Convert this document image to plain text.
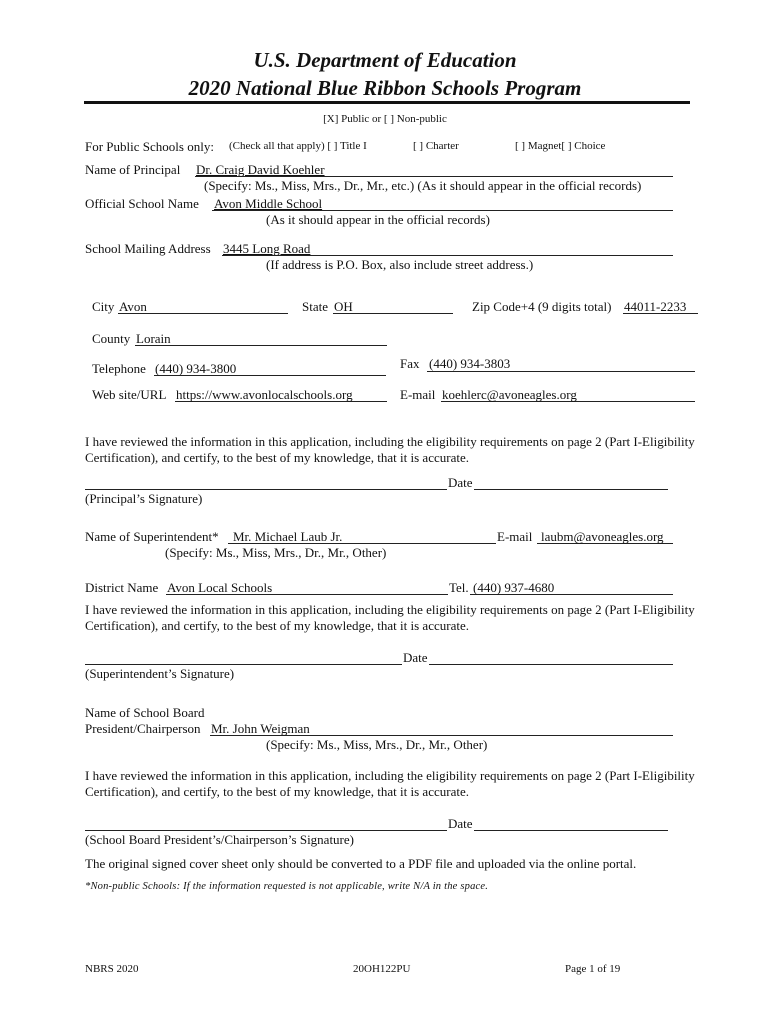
U.S. Department of Education
2020 National Blue Ribbon Schools Program
[X] Public or [ ] Non-public
For Public Schools only: (Check all that apply) [ ] Title I	[ ] Charter	[ ] Magnet[ ] Choice
Name of Principal Dr. Craig David Koehler
(Specify: Ms., Miss, Mrs., Dr., Mr., etc.) (As it should appear in the official records)
Official School Name Avon Middle School
(As it should appear in the official records)
School Mailing Address 3445 Long Road
(If address is P.O. Box, also include street address.)
City Avon	State OH	Zip Code+4 (9 digits total) 44011-2233
County Lorain
Telephone (440) 934-3800	Fax (440) 934-3803
Web site/URL https://www.avonlocalschools.org	E-mail koehlerc@avoneagles.org
I have reviewed the information in this application, including the eligibility requirements on page 2 (Part I-Eligibility Certification), and certify, to the best of my knowledge, that it is accurate.
Date
(Principal’s Signature)
Name of Superintendent* Mr. Michael Laub Jr.	E-mail laubm@avoneagles.org
(Specify: Ms., Miss, Mrs., Dr., Mr., Other)
District Name Avon Local Schools	Tel. (440) 937-4680
I have reviewed the information in this application, including the eligibility requirements on page 2 (Part I-Eligibility Certification), and certify, to the best of my knowledge, that it is accurate.
Date
(Superintendent’s Signature)
Name of School Board
President/Chairperson Mr. John Weigman
(Specify: Ms., Miss, Mrs., Dr., Mr., Other)
I have reviewed the information in this application, including the eligibility requirements on page 2 (Part I-Eligibility Certification), and certify, to the best of my knowledge, that it is accurate.
Date
(School Board President’s/Chairperson’s Signature)
The original signed cover sheet only should be converted to a PDF file and uploaded via the online portal.
*Non-public Schools: If the information requested is not applicable, write N/A in the space.
NBRS 2020	20OH122PU	Page 1 of 19
